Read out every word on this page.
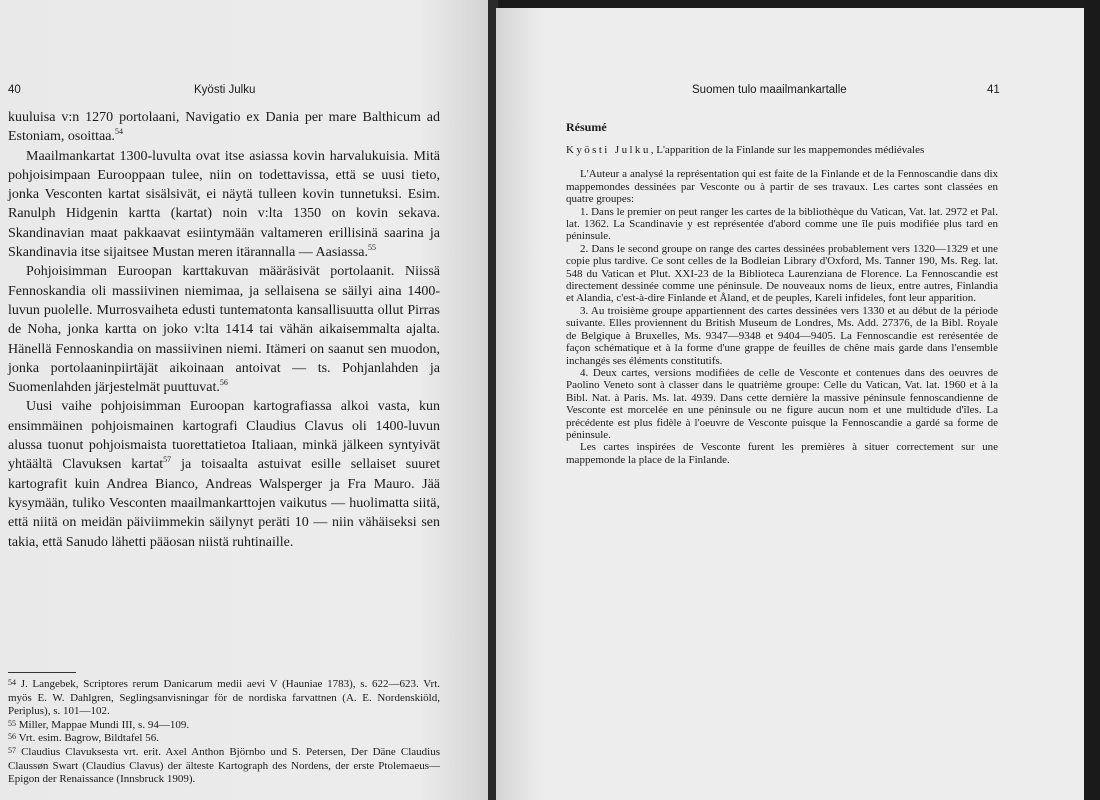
40	Kyösti Julku

kuuluisa v:n 1270 portolaani, Navigatio ex Dania per mare Balthicum ad Estoniam, osoittaa.$^{54}$

Maailmankartat 1300-luvulta ovat itse asiassa kovin harvalukuisia. Mitä pohjoisimpaan Eurooppaan tulee, niin on todettavissa, että se uusi tieto, jonka Vesconten kartat sisälsivät, ei näytä tulleen kovin tunnetuksi. Esim. Ranulph Hidgenin kartta (kartat) noin v:lta 1350 on kovin sekava. Skandinavian maat pakkaavat esiintymään valtameren erillisinä saarina ja Skandinavia itse sijaitsee Mustan meren itärannalla — Aasiassa.$^{55}$

Pohjoisimman Euroopan karttakuvan määräsivät portolaanit. Niissä Fennoskandia oli massiivinen niemimaa, ja sellaisena se säilyi aina 1400-luvun puolelle. Murrosvaiheta edusti tuntematonta kansallisuutta ollut Pirras de Noha, jonka kartta on joko v:lta 1414 tai vähän aikaisemmalta ajalta. Hänellä Fennoskandia on massiivinen niemi. Itämeri on saanut sen muodon, jonka portolaaninpiirtäjät aikoinaan antoivat — ts. Pohjanlahden ja Suomenlahden järjestelmät puuttuvat.$^{56}$

Uusi vaihe pohjoisimman Euroopan kartografiassa alkoi vasta, kun ensimmäinen pohjoismainen kartografi Claudius Clavus oli 1400-luvun alussa tuonut pohjoismaista tuorettatietoa Italiaan, minkä jälkeen syntyivät yhtäältä Clavuksen kartat$^{57}$ ja toisaalta astuivat esille sellaiset suuret kartografit kuin Andrea Bianco, Andreas Walsperger ja Fra Mauro. Jää kysymään, tuliko Vesconten maailmankarttojen vaikutus — huolimatta siitä, että niitä on meidän päiviimmekin säilynyt peräti 10 — niin vähäiseksi sen takia, että Sanudo lähetti pääosan niistä ruhtinaille.

$^{54}$ J. Langebek, Scriptores rerum Danicarum medii aevi V (Hauniae 1783), s. 622—623. Vrt. myös E. W. Dahlgren, Seglingsanvisningar för de nordiska farvattnen (A. E. Nordenskiöld, Periplus), s. 101—102.

$^{55}$ Miller, Mappae Mundi III, s. 94—109.

$^{56}$ Vrt. esim. Bagrow, Bildtafel 56.

$^{57}$ Claudius Clavuksesta vrt. erit. Axel Anthon Björnbo und S. Petersen, Der Däne Claudius Claussøn Swart (Claudius Clavus) der älteste Kartograph des Nordens, der erste Ptolemaeus—Epigon der Renaissance (Innsbruck 1909).

Suomen tulo maailmankartalle	41
Résumé

Kyösti Julku, L'apparition de la Finlande sur les mappemondes médiévales

L'Auteur a analysé la représentation qui est faite de la Finlande et de la Fennoscandie dans dix mappemondes dessinées par Vesconte ou à partir de ses travaux. Les cartes sont classées en quatre groupes:

1. Dans le premier on peut ranger les cartes de la bibliothèque du Vatican, Vat. lat. 2972 et Pal. lat. 1362. La Scandinavie y est représentée d'abord comme une île puis modifiée plus tard en péninsule.

2. Dans le second groupe on range des cartes dessinées probablement vers 1320—1329 et une copie plus tardive. Ce sont celles de la Bodleian Library d'Oxford, Ms. Tanner 190, Ms. Reg. lat. 548 du Vatican et Plut. XXI-23 de la Biblioteca Laurenziana de Florence. La Fennoscandie est directement dessinée comme une péninsule. De nouveaux noms de lieux, entre autres, Finlandia et Alandia, c'est-à-dire Finlande et Åland, et de peuples, Kareli infideles, font leur apparition.

3. Au troisième groupe appartiennent des cartes dessinées vers 1330 et au début de la période suivante. Elles proviennent du British Museum de Londres, Ms. Add. 27376, de la Bibl. Royale de Belgique à Bruxelles, Ms. 9347—9348 et 9404—9405. La Fennoscandie est rerésentée de façon schématique et à la forme d'une grappe de feuilles de chêne mais garde dans l'ensemble inchangés ses éléments constitutifs.

4. Deux cartes, versions modifiées de celle de Vesconte et contenues dans des oeuvres de Paolino Veneto sont à classer dans le quatrième groupe: Celle du Vatican, Vat. lat. 1960 et à la Bibl. Nat. à Paris. Ms. lat. 4939. Dans cette dernière la massive péninsule fennoscandienne de Vesconte est morcelée en une péninsule ou ne figure aucun nom et une multidude d'îles. La précédente est plus fidèle à l'oeuvre de Vesconte puisque la Fennoscandie a gardé sa forme de péninsule.

Les cartes inspirées de Vesconte furent les premières à situer correctement sur une mappemonde la place de la Finlande.
